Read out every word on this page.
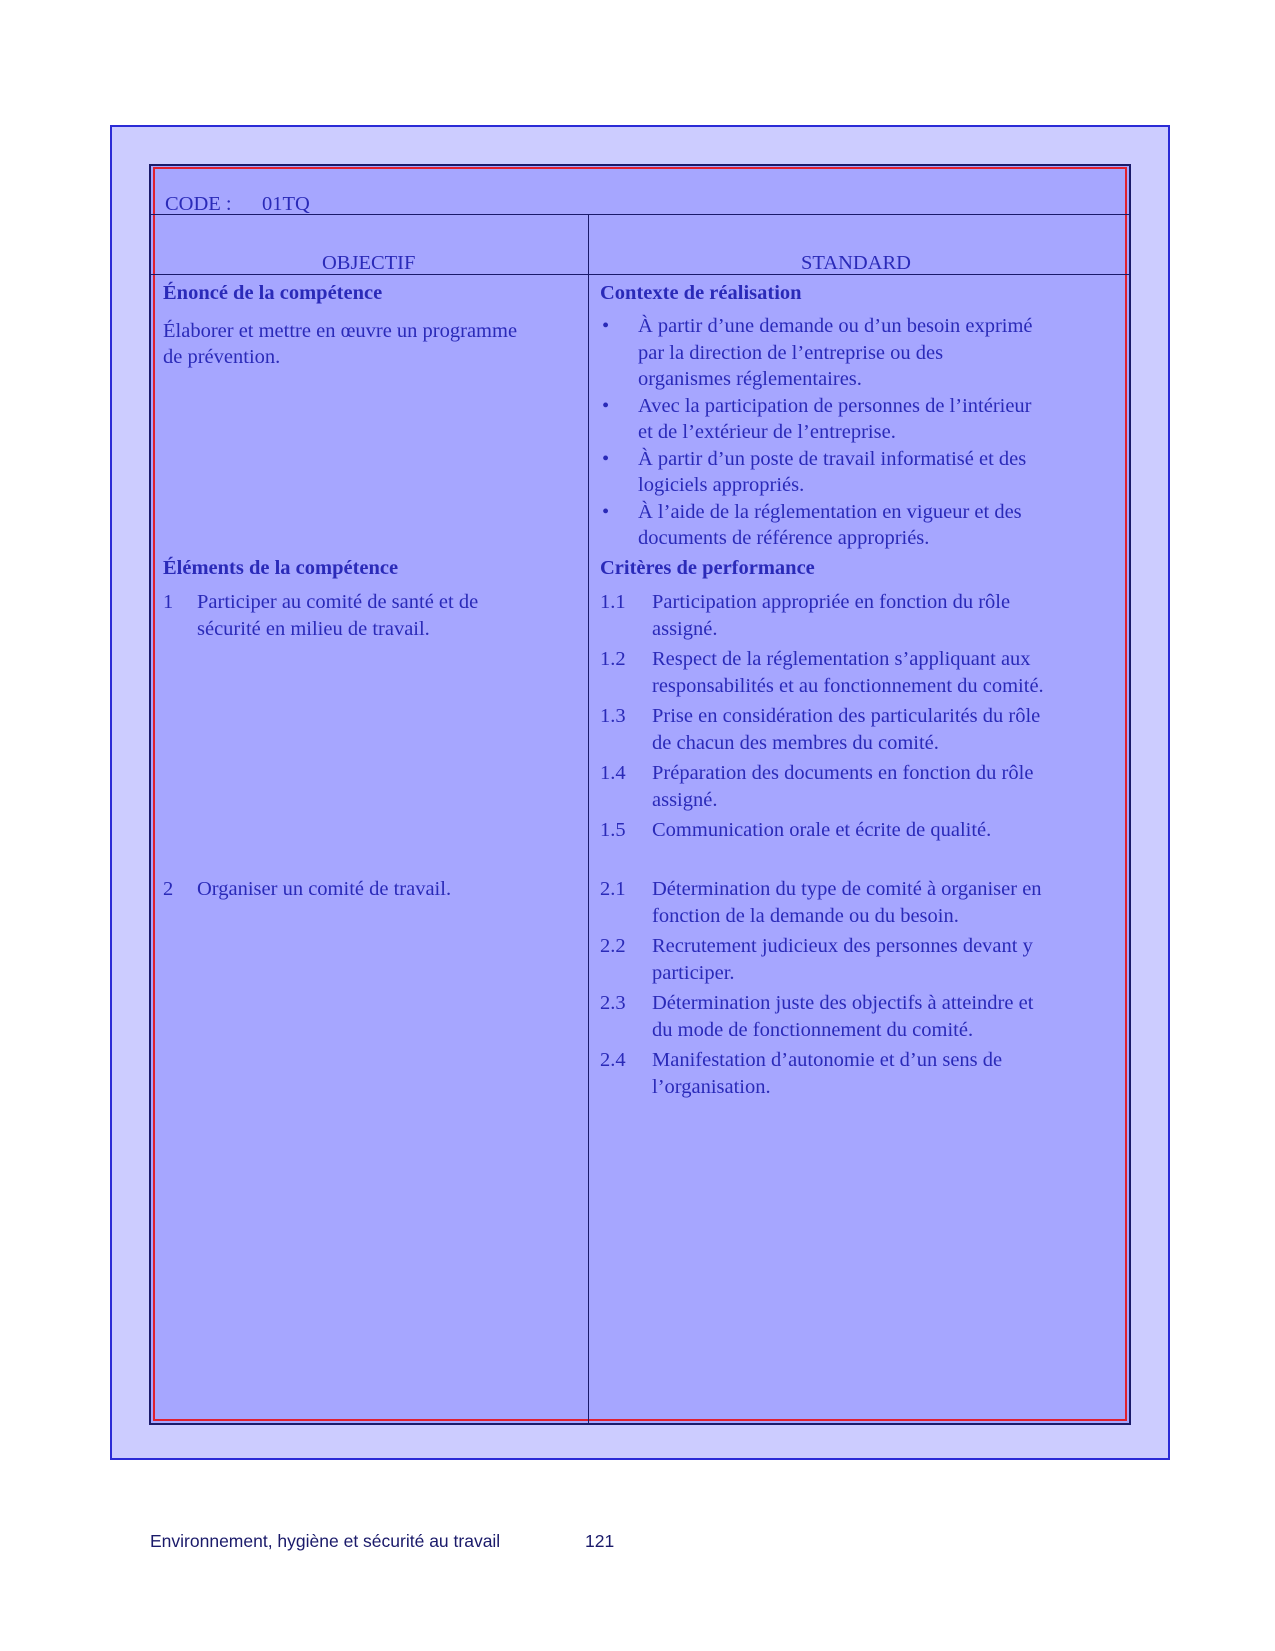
CODE : 01TQ
OBJECTIF	STANDARD
Énoncé de la compétence
Élaborer et mettre en œuvre un programme
de prévention.
Contexte de réalisation
• À partir d’une demande ou d’un besoin exprimé
par la direction de l’entreprise ou des
organismes réglementaires.
• Avec la participation de personnes de l’intérieur
et de l’extérieur de l’entreprise.
• À partir d’un poste de travail informatisé et des
logiciels appropriés.
• À l’aide de la réglementation en vigueur et des
documents de référence appropriés.
Éléments de la compétence
1 Participer au comité de santé et de
sécurité en milieu de travail.
2 Organiser un comité de travail.
Critères de performance
1.1 Participation appropriée en fonction du rôle
assigné.
1.2 Respect de la réglementation s’appliquant aux
responsabilités et au fonctionnement du comité.
1.3 Prise en considération des particularités du rôle
de chacun des membres du comité.
1.4 Préparation des documents en fonction du rôle
assigné.
1.5 Communication orale et écrite de qualité.
2.1 Détermination du type de comité à organiser en
fonction de la demande ou du besoin.
2.2 Recrutement judicieux des personnes devant y
participer.
2.3 Détermination juste des objectifs à atteindre et
du mode de fonctionnement du comité.
2.4 Manifestation d’autonomie et d’un sens de
l’organisation.
Environnement, hygiène et sécurité au travail	121
